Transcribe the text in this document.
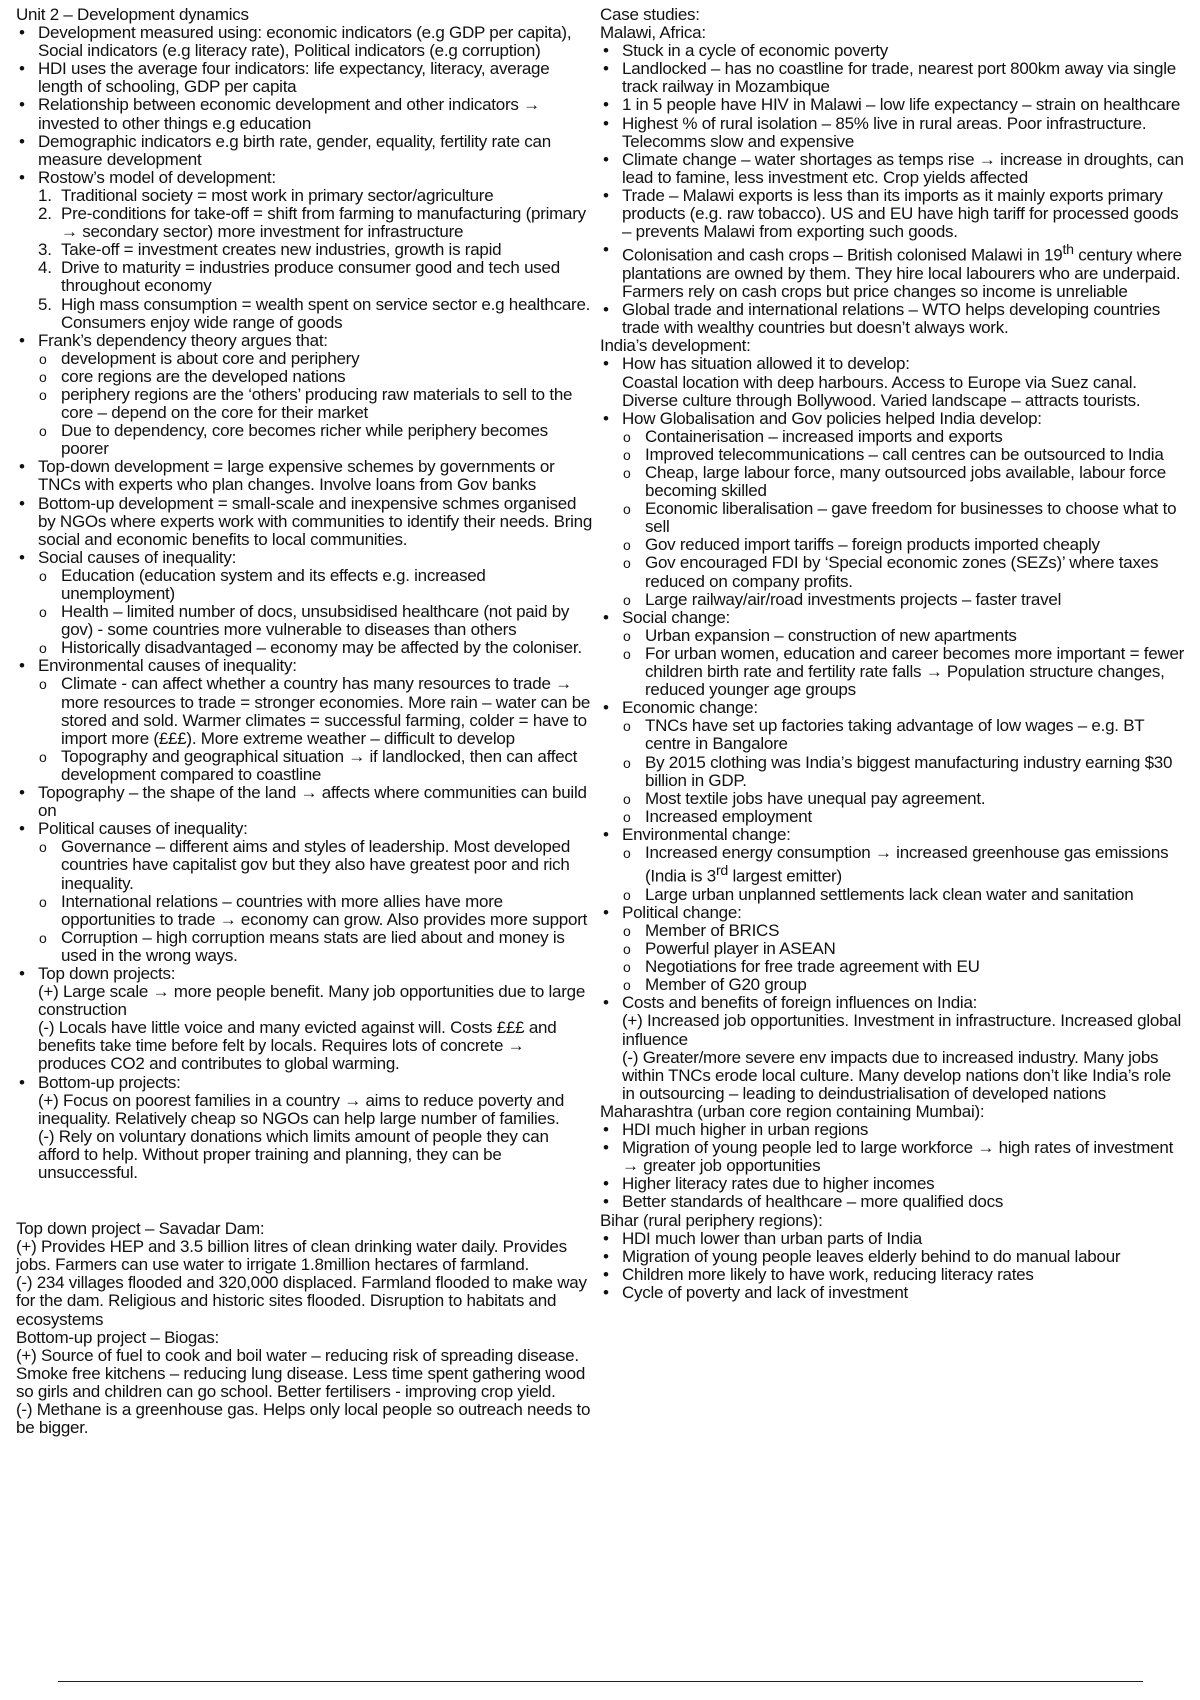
Unit 2 – Development dynamics

• Development measured using: economic indicators (e.g GDP per capita), Social indicators (e.g literacy rate), Political indicators (e.g corruption)
• HDI uses the average four indicators: life expectancy, literacy, average length of schooling, GDP per capita
• Relationship between economic development and other indicators → invested to other things e.g education
• Demographic indicators e.g birth rate, gender, equality, fertility rate can measure development
• Rostow’s model of development:
1. Traditional society = most work in primary sector/agriculture
2. Pre-conditions for take-off = shift from farming to manufacturing (primary → secondary sector) more investment for infrastructure
3. Take-off = investment creates new industries, growth is rapid
4. Drive to maturity = industries produce consumer good and tech used throughout economy
5. High mass consumption = wealth spent on service sector e.g healthcare. Consumers enjoy wide range of goods
• Frank’s dependency theory argues that:
o development is about core and periphery
o core regions are the developed nations
o periphery regions are the ‘others’ producing raw materials to sell to the core – depend on the core for their market
o Due to dependency, core becomes richer while periphery becomes poorer
• Top-down development = large expensive schemes by governments or TNCs with experts who plan changes. Involve loans from Gov banks
• Bottom-up development = small-scale and inexpensive schmes organised by NGOs where experts work with communities to identify their needs. Bring social and economic benefits to local communities.
• Social causes of inequality:
o Education (education system and its effects e.g. increased unemployment)
o Health – limited number of docs, unsubsidised healthcare (not paid by gov) - some countries more vulnerable to diseases than others
o Historically disadvantaged – economy may be affected by the coloniser.
• Environmental causes of inequality:
o Climate - can affect whether a country has many resources to trade → more resources to trade = stronger economies. More rain – water can be stored and sold. Warmer climates = successful farming, colder = have to import more (£££). More extreme weather – difficult to develop
o Topography and geographical situation → if landlocked, then can affect development compared to coastline
• Topography – the shape of the land → affects where communities can build on
• Political causes of inequality:
o Governance – different aims and styles of leadership. Most developed countries have capitalist gov but they also have greatest poor and rich inequality.
o International relations – countries with more allies have more opportunities to trade → economy can grow. Also provides more support
o Corruption – high corruption means stats are lied about and money is used in the wrong ways.
• Top down projects:
(+) Large scale → more people benefit. Many job opportunities due to large construction
(-) Locals have little voice and many evicted against will. Costs £££ and benefits take time before felt by locals. Requires lots of concrete → produces CO2 and contributes to global warming.
• Bottom-up projects:
(+) Focus on poorest families in a country → aims to reduce poverty and inequality. Relatively cheap so NGOs can help large number of families.
(-) Rely on voluntary donations which limits amount of people they can afford to help. Without proper training and planning, they can be unsuccessful.
Top down project – Savadar Dam:
(+) Provides HEP and 3.5 billion litres of clean drinking water daily. Provides jobs. Farmers can use water to irrigate 1.8million hectares of farmland.
(-) 234 villages flooded and 320,000 displaced. Farmland flooded to make way for the dam. Religious and historic sites flooded. Disruption to habitats and ecosystems
Bottom-up project – Biogas:
(+) Source of fuel to cook and boil water – reducing risk of spreading disease. Smoke free kitchens – reducing lung disease. Less time spent gathering wood so girls and children can go school. Better fertilisers - improving crop yield.
(-) Methane is a greenhouse gas. Helps only local people so outreach needs to be bigger.

Case studies:

Malawi, Africa:

• Stuck in a cycle of economic poverty
• Landlocked – has no coastline for trade, nearest port 800km away via single track railway in Mozambique
• 1 in 5 people have HIV in Malawi – low life expectancy – strain on healthcare
• Highest % of rural isolation – 85% live in rural areas. Poor infrastructure. Telecomms slow and expensive
• Climate change – water shortages as temps rise → increase in droughts, can lead to famine, less investment etc. Crop yields affected
• Trade – Malawi exports is less than its imports as it mainly exports primary products (e.g. raw tobacco). US and EU have high tariff for processed goods – prevents Malawi from exporting such goods.
• Colonisation and cash crops – British colonised Malawi in 19th century where plantations are owned by them. They hire local labourers who are underpaid. Farmers rely on cash crops but price changes so income is unreliable
• Global trade and international relations – WTO helps developing countries trade with wealthy countries but doesn’t always work.

India’s development:

• How has situation allowed it to develop:
Coastal location with deep harbours. Access to Europe via Suez canal. Diverse culture through Bollywood. Varied landscape – attracts tourists.
• How Globalisation and Gov policies helped India develop:
o Containerisation – increased imports and exports
o Improved telecommunications – call centres can be outsourced to India
o Cheap, large labour force, many outsourced jobs available, labour force becoming skilled
o Economic liberalisation – gave freedom for businesses to choose what to sell
o Gov reduced import tariffs – foreign products imported cheaply
o Gov encouraged FDI by ‘Special economic zones (SEZs)’ where taxes reduced on company profits.
o Large railway/air/road investments projects – faster travel
• Social change:
o Urban expansion – construction of new apartments
o For urban women, education and career becomes more important = fewer children birth rate and fertility rate falls → Population structure changes, reduced younger age groups
• Economic change:
o TNCs have set up factories taking advantage of low wages – e.g. BT centre in Bangalore
o By 2015 clothing was India’s biggest manufacturing industry earning $30 billion in GDP.
o Most textile jobs have unequal pay agreement.
o Increased employment
• Environmental change:
o Increased energy consumption → increased greenhouse gas emissions (India is 3rd largest emitter)
o Large urban unplanned settlements lack clean water and sanitation
• Political change:
o Member of BRICS
o Powerful player in ASEAN
o Negotiations for free trade agreement with EU
o Member of G20 group
• Costs and benefits of foreign influences on India:
(+) Increased job opportunities. Investment in infrastructure. Increased global influence
(-) Greater/more severe env impacts due to increased industry. Many jobs within TNCs erode local culture. Many develop nations don’t like India’s role in outsourcing – leading to deindustrialisation of developed nations

Maharashtra (urban core region containing Mumbai):

• HDI much higher in urban regions
• Migration of young people led to large workforce → high rates of investment → greater job opportunities
• Higher literacy rates due to higher incomes
• Better standards of healthcare – more qualified docs

Bihar (rural periphery regions):

• HDI much lower than urban parts of India
• Migration of young people leaves elderly behind to do manual labour
• Children more likely to have work, reducing literacy rates
• Cycle of poverty and lack of investment
